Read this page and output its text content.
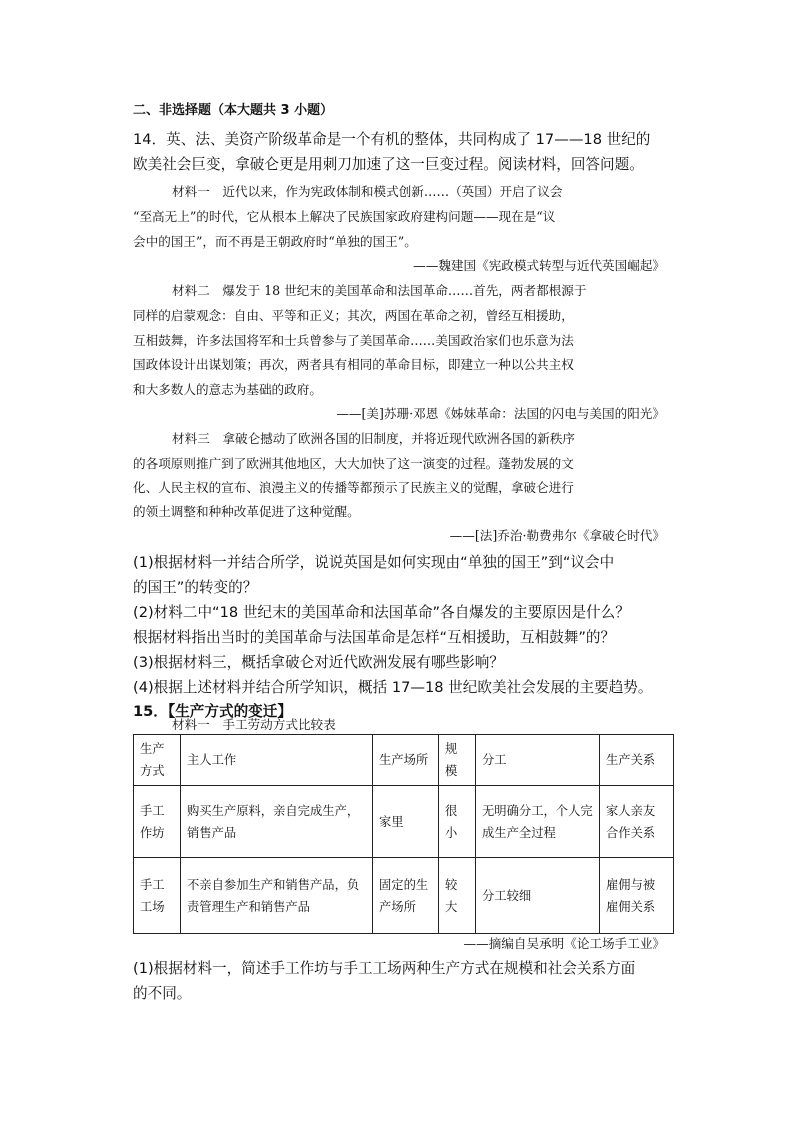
二、非选择题（本大题共 3 小题）
14．英、法、美资产阶级革命是一个有机的整体，共同构成了 17——18 世纪的
欧美社会巨变，拿破仑更是用刺刀加速了这一巨变过程。阅读材料，回答问题。
材料一　近代以来，作为宪政体制和模式创新……（英国）开启了议会
“至高无上”的时代，它从根本上解决了民族国家政府建构问题——现在是“议
会中的国王”，而不再是王朝政府时“单独的国王”。
——魏建国《宪政模式转型与近代英国崛起》
材料二　爆发于 18 世纪末的美国革命和法国革命……首先，两者都根源于
同样的启蒙观念：自由、平等和正义；其次，两国在革命之初，曾经互相援助，
互相鼓舞，许多法国将军和士兵曾参与了美国革命……美国政治家们也乐意为法
国政体设计出谋划策；再次，两者具有相同的革命目标，即建立一种以公共主权
和大多数人的意志为基础的政府。
——[美]苏珊·邓恩《姊妹革命：法国的闪电与美国的阳光》
材料三　拿破仑撼动了欧洲各国的旧制度，并将近现代欧洲各国的新秩序
的各项原则推广到了欧洲其他地区，大大加快了这一演变的过程。蓬勃发展的文
化、人民主权的宣布、浪漫主义的传播等都预示了民族主义的觉醒，拿破仑进行
的领土调整和种种改革促进了这种觉醒。
——[法]乔治·勒费弗尔《拿破仑时代》
(1)根据材料一并结合所学，说说英国是如何实现由“单独的国王”到“议会中
的国王”的转变的？
(2)材料二中“18 世纪末的美国革命和法国革命”各自爆发的主要原因是什么？
根据材料指出当时的美国革命与法国革命是怎样“互相援助，互相鼓舞”的？
(3)根据材料三，概括拿破仑对近代欧洲发展有哪些影响？
(4)根据上述材料并结合所学知识，概括 17—18 世纪欧美社会发展的主要趋势。
15．【生产方式的变迁】
材料一　手工劳动方式比较表
生产方式	主人工作	生产场所	规模	分工	生产关系
手工作坊	购买生产原料，亲自完成生产，销售产品	家里	很小	无明确分工，个人完成生产全过程	家人亲友合作关系
手工工场	不亲自参加生产和销售产品，负责管理生产和销售产品	固定的生产场所	较大	分工较细	雇佣与被雇佣关系
——摘编自吴承明《论工场手工业》
(1)根据材料一，简述手工作坊与手工工场两种生产方式在规模和社会关系方面
的不同。
